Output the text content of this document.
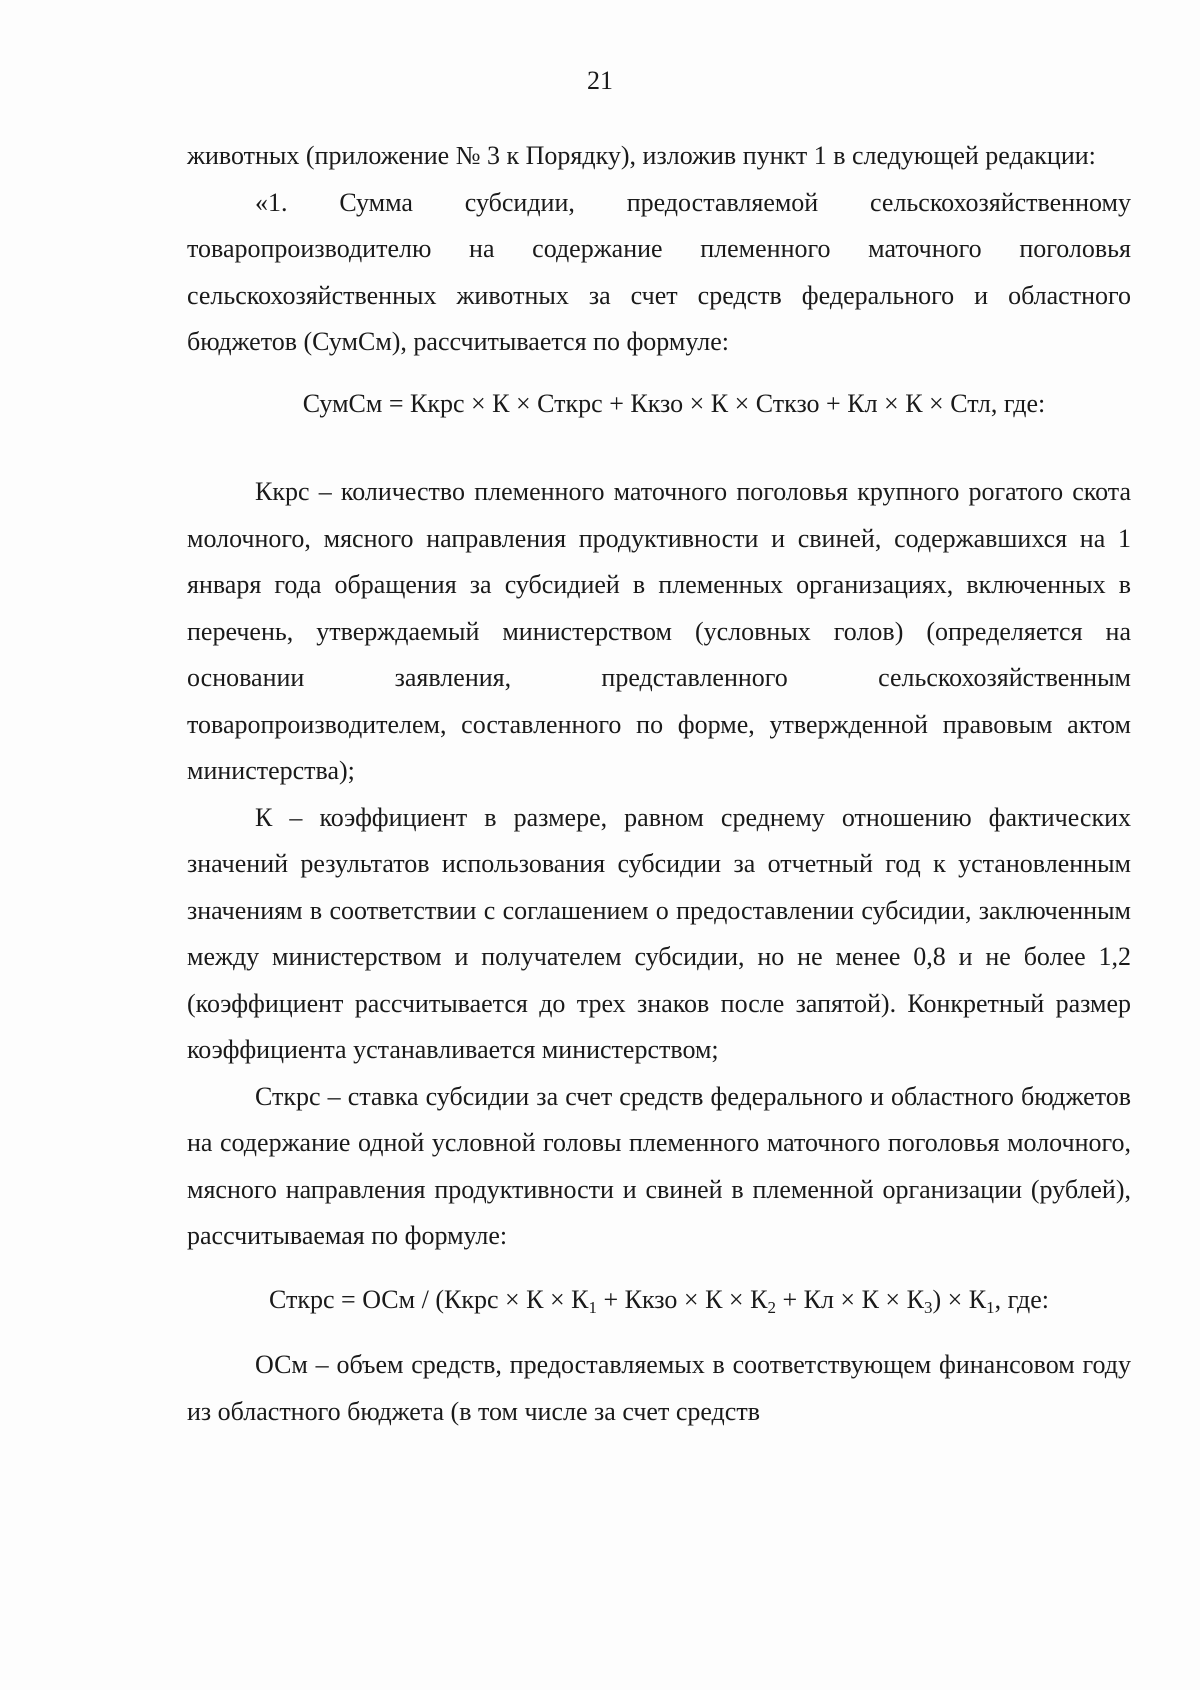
21

животных (приложение № 3 к Порядку), изложив пункт 1 в следующей редакции:

«1. Сумма субсидии, предоставляемой сельскохозяйственному товаропроизводителю на содержание племенного маточного поголовья сельскохозяйственных животных за счет средств федерального и областного бюджетов (СумСм), рассчитывается по формуле:

СумСм = Ккрс × К × Сткрс + Ккзо × К × Сткзо + Кл × К × Стл, где:

Ккрс – количество племенного маточного поголовья крупного рогатого скота молочного, мясного направления продуктивности и свиней, содержавшихся на 1 января года обращения за субсидией в племенных организациях, включенных в перечень, утверждаемый министерством (условных голов) (определяется на основании заявления, представленного сельскохозяйственным товаропроизводителем, составленного по форме, утвержденной правовым актом министерства);

К – коэффициент в размере, равном среднему отношению фактических значений результатов использования субсидии за отчетный год к установленным значениям в соответствии с соглашением о предоставлении субсидии, заключенным между министерством и получателем субсидии, но не менее 0,8 и не более 1,2 (коэффициент рассчитывается до трех знаков после запятой). Конкретный размер коэффициента устанавливается министерством;

Сткрс – ставка субсидии за счет средств федерального и областного бюджетов на содержание одной условной головы племенного маточного поголовья молочного, мясного направления продуктивности и свиней в племенной организации (рублей), рассчитываемая по формуле:

Сткрс = ОСм / (Ккрс × $К \times К_1$ + Ккзо × $К \times К_2$ + Кл × $К \times К_3) \times К_1$, где:

ОСм – объем средств, предоставляемых в соответствующем финансовом году из областного бюджета (в том числе за счет средств
